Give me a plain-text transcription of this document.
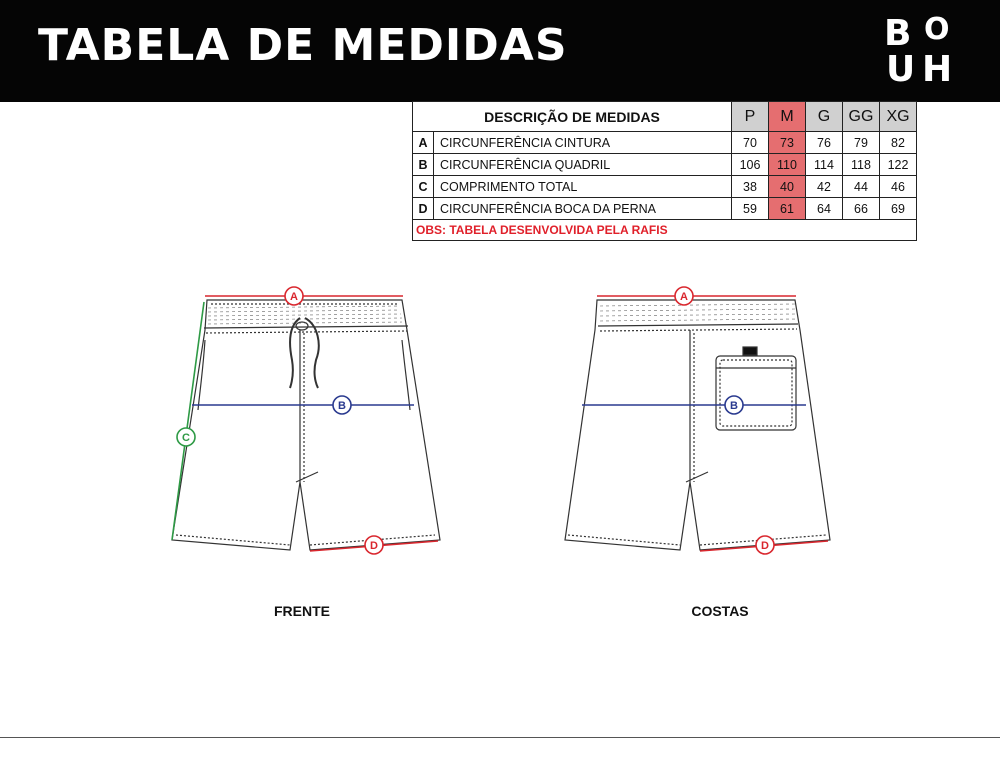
TABELA DE MEDIDAS	B O
U H
DESCRIÇÃO DE MEDIDAS		P	M	G	GG	XG
A	CIRCUNFERÊNCIA CINTURA	70	73	76	79	82
B	CIRCUNFERÊNCIA QUADRIL	106	110	114	118	122
C	COMPRIMENTO TOTAL	38	40	42	44	46
D	CIRCUNFERÊNCIA BOCA DA PERNA	59	61	64	66	69
OBS: TABELA DESENVOLVIDA PELA RAFIS						
A
B
C
D
A
B
D
FRENTE	COSTAS
